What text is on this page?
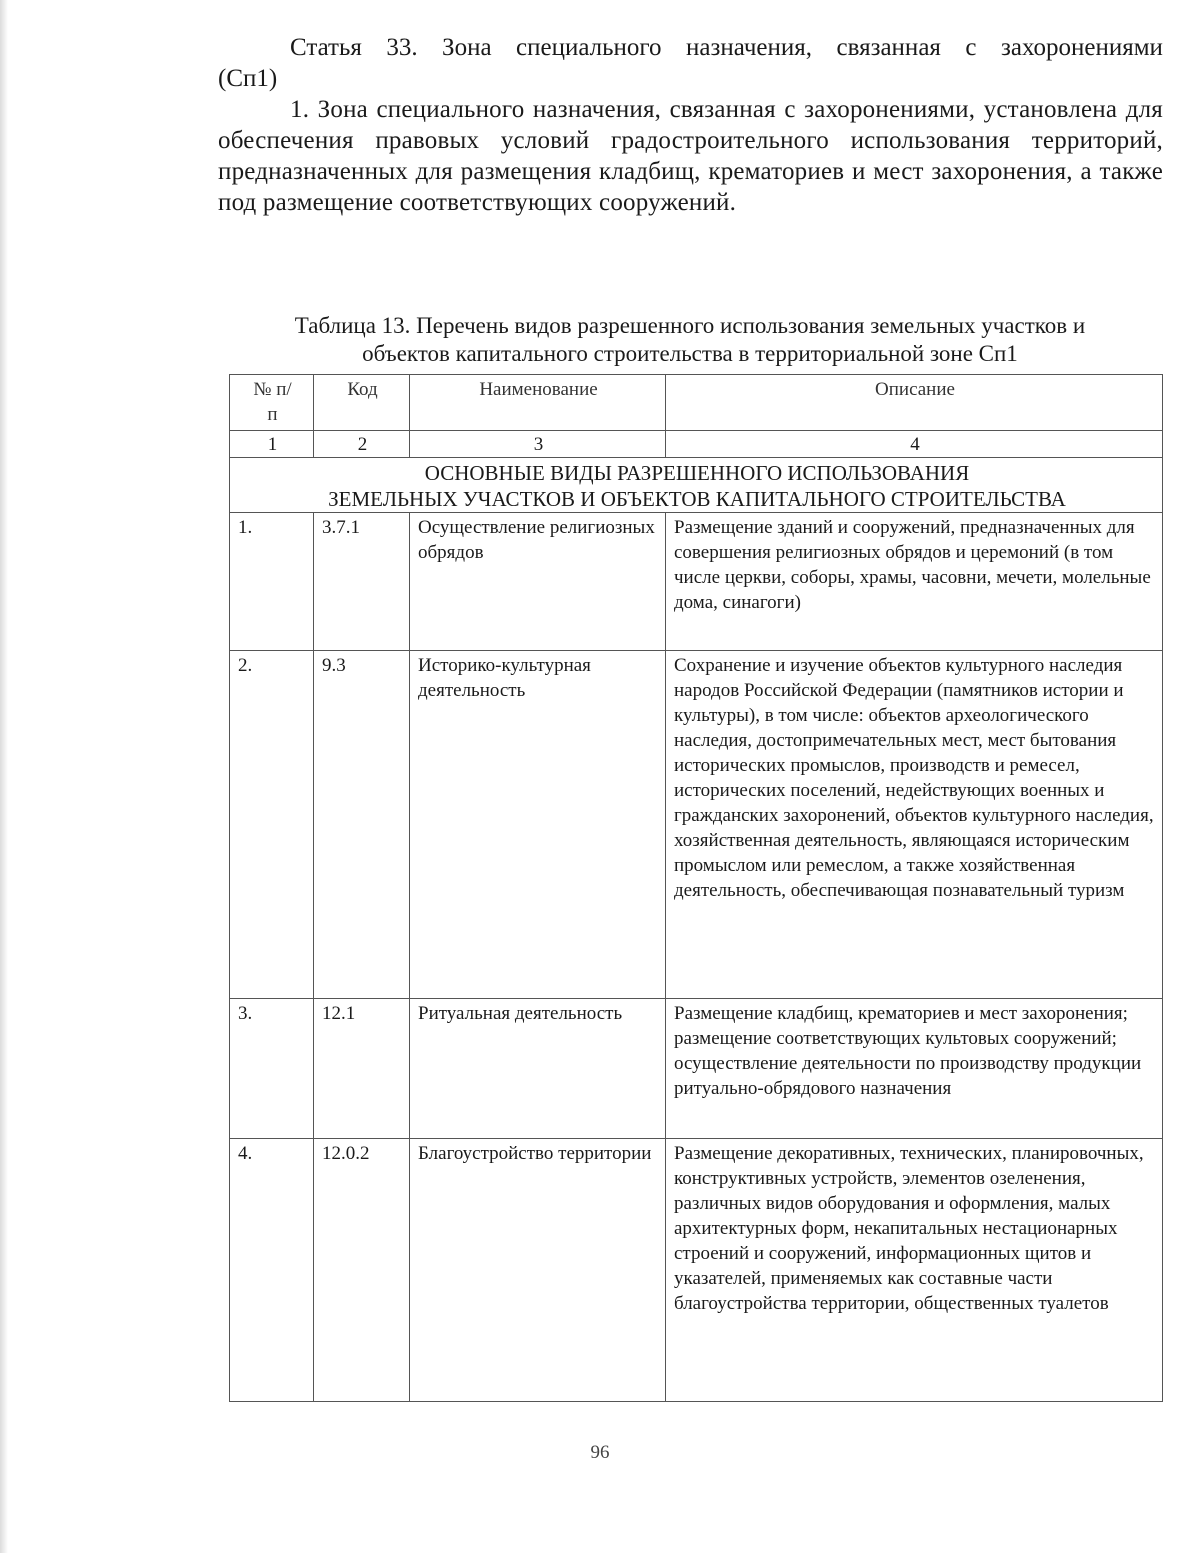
Статья 33. Зона специального назначения, связанная с захоронениями
(Сп1)
1. Зона специального назначения, связанная с захоронениями, установлена для обеспечения правовых условий градостроительного использования территорий, предназначенных для размещения кладбищ, крематориев и мест захоронения, а также под размещение соответствующих сооружений.
Таблица 13. Перечень видов разрешенного использования земельных участков и
объектов капитального строительства в территориальной зоне Сп1
№ п/п	Код	Наименование	Описание
1	2	3	4

ОСНОВНЫЕ ВИДЫ РАЗРЕШЕННОГО ИСПОЛЬЗОВАНИЯ
ЗЕМЕЛЬНЫХ УЧАСТКОВ И ОБЪЕКТОВ КАПИТАЛЬНОГО СТРОИТЕЛЬСТВА			

1.	3.7.1	Осуществление религиозных обрядов	Размещение зданий и сооружений, предназначенных для совершения религиозных обрядов и церемоний (в том числе церкви, соборы, храмы, часовни, мечети, молельные дома, синагоги)
2.	9.3	Историко-культурная деятельность	Сохранение и изучение объектов культурного наследия народов Российской Федерации (памятников истории и культуры), в том числе: объектов археологического наследия, достопримечательных мест, мест бытования исторических промыслов, производств и ремесел, исторических поселений, недействующих военных и гражданских захоронений, объектов культурного наследия, хозяйственная деятельность, являющаяся историческим промыслом или ремеслом, а также хозяйственная деятельность, обеспечивающая познавательный туризм
3.	12.1	Ритуальная деятельность	Размещение кладбищ, крематориев и мест захоронения; размещение соответствующих культовых сооружений; осуществление деятельности по производству продукции ритуально-обрядового назначения
4.	12.0.2	Благоустройство территории	Размещение декоративных, технических, планировочных, конструктивных устройств, элементов озеленения, различных видов оборудования и оформления, малых архитектурных форм, некапитальных нестационарных строений и сооружений, информационных щитов и указателей, применяемых как составные части благоустройства территории, общественных туалетов
96
